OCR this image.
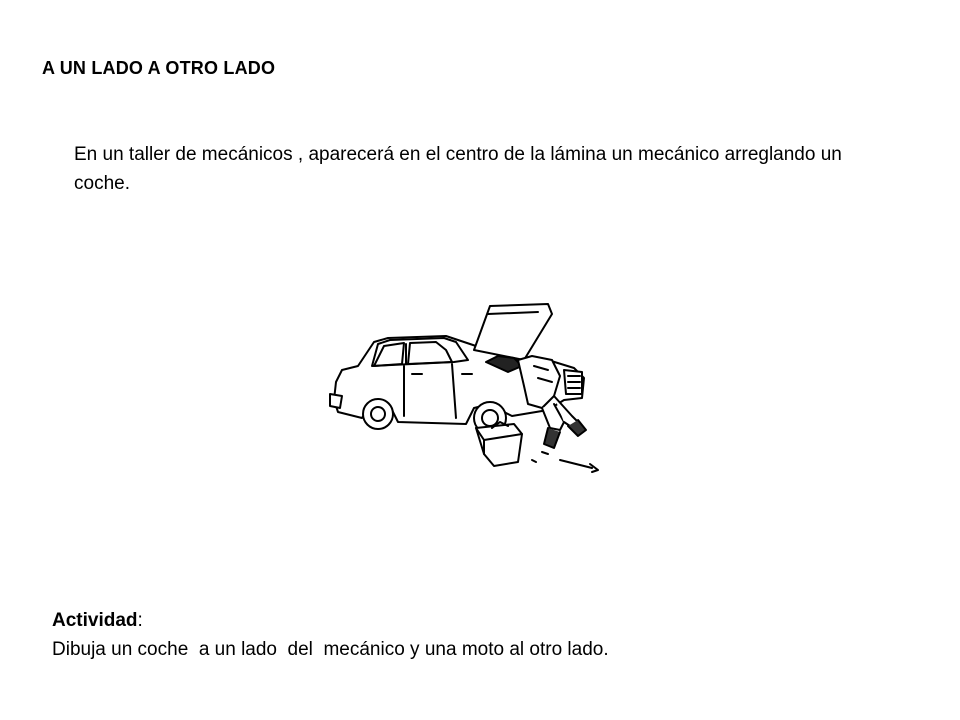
A UN LADO A OTRO LADO
En un taller de mecánicos , aparecerá en el centro de la lámina un mecánico arreglando un coche.
Actividad:
Dibuja un coche  a un lado  del  mecánico y una moto al otro lado.
